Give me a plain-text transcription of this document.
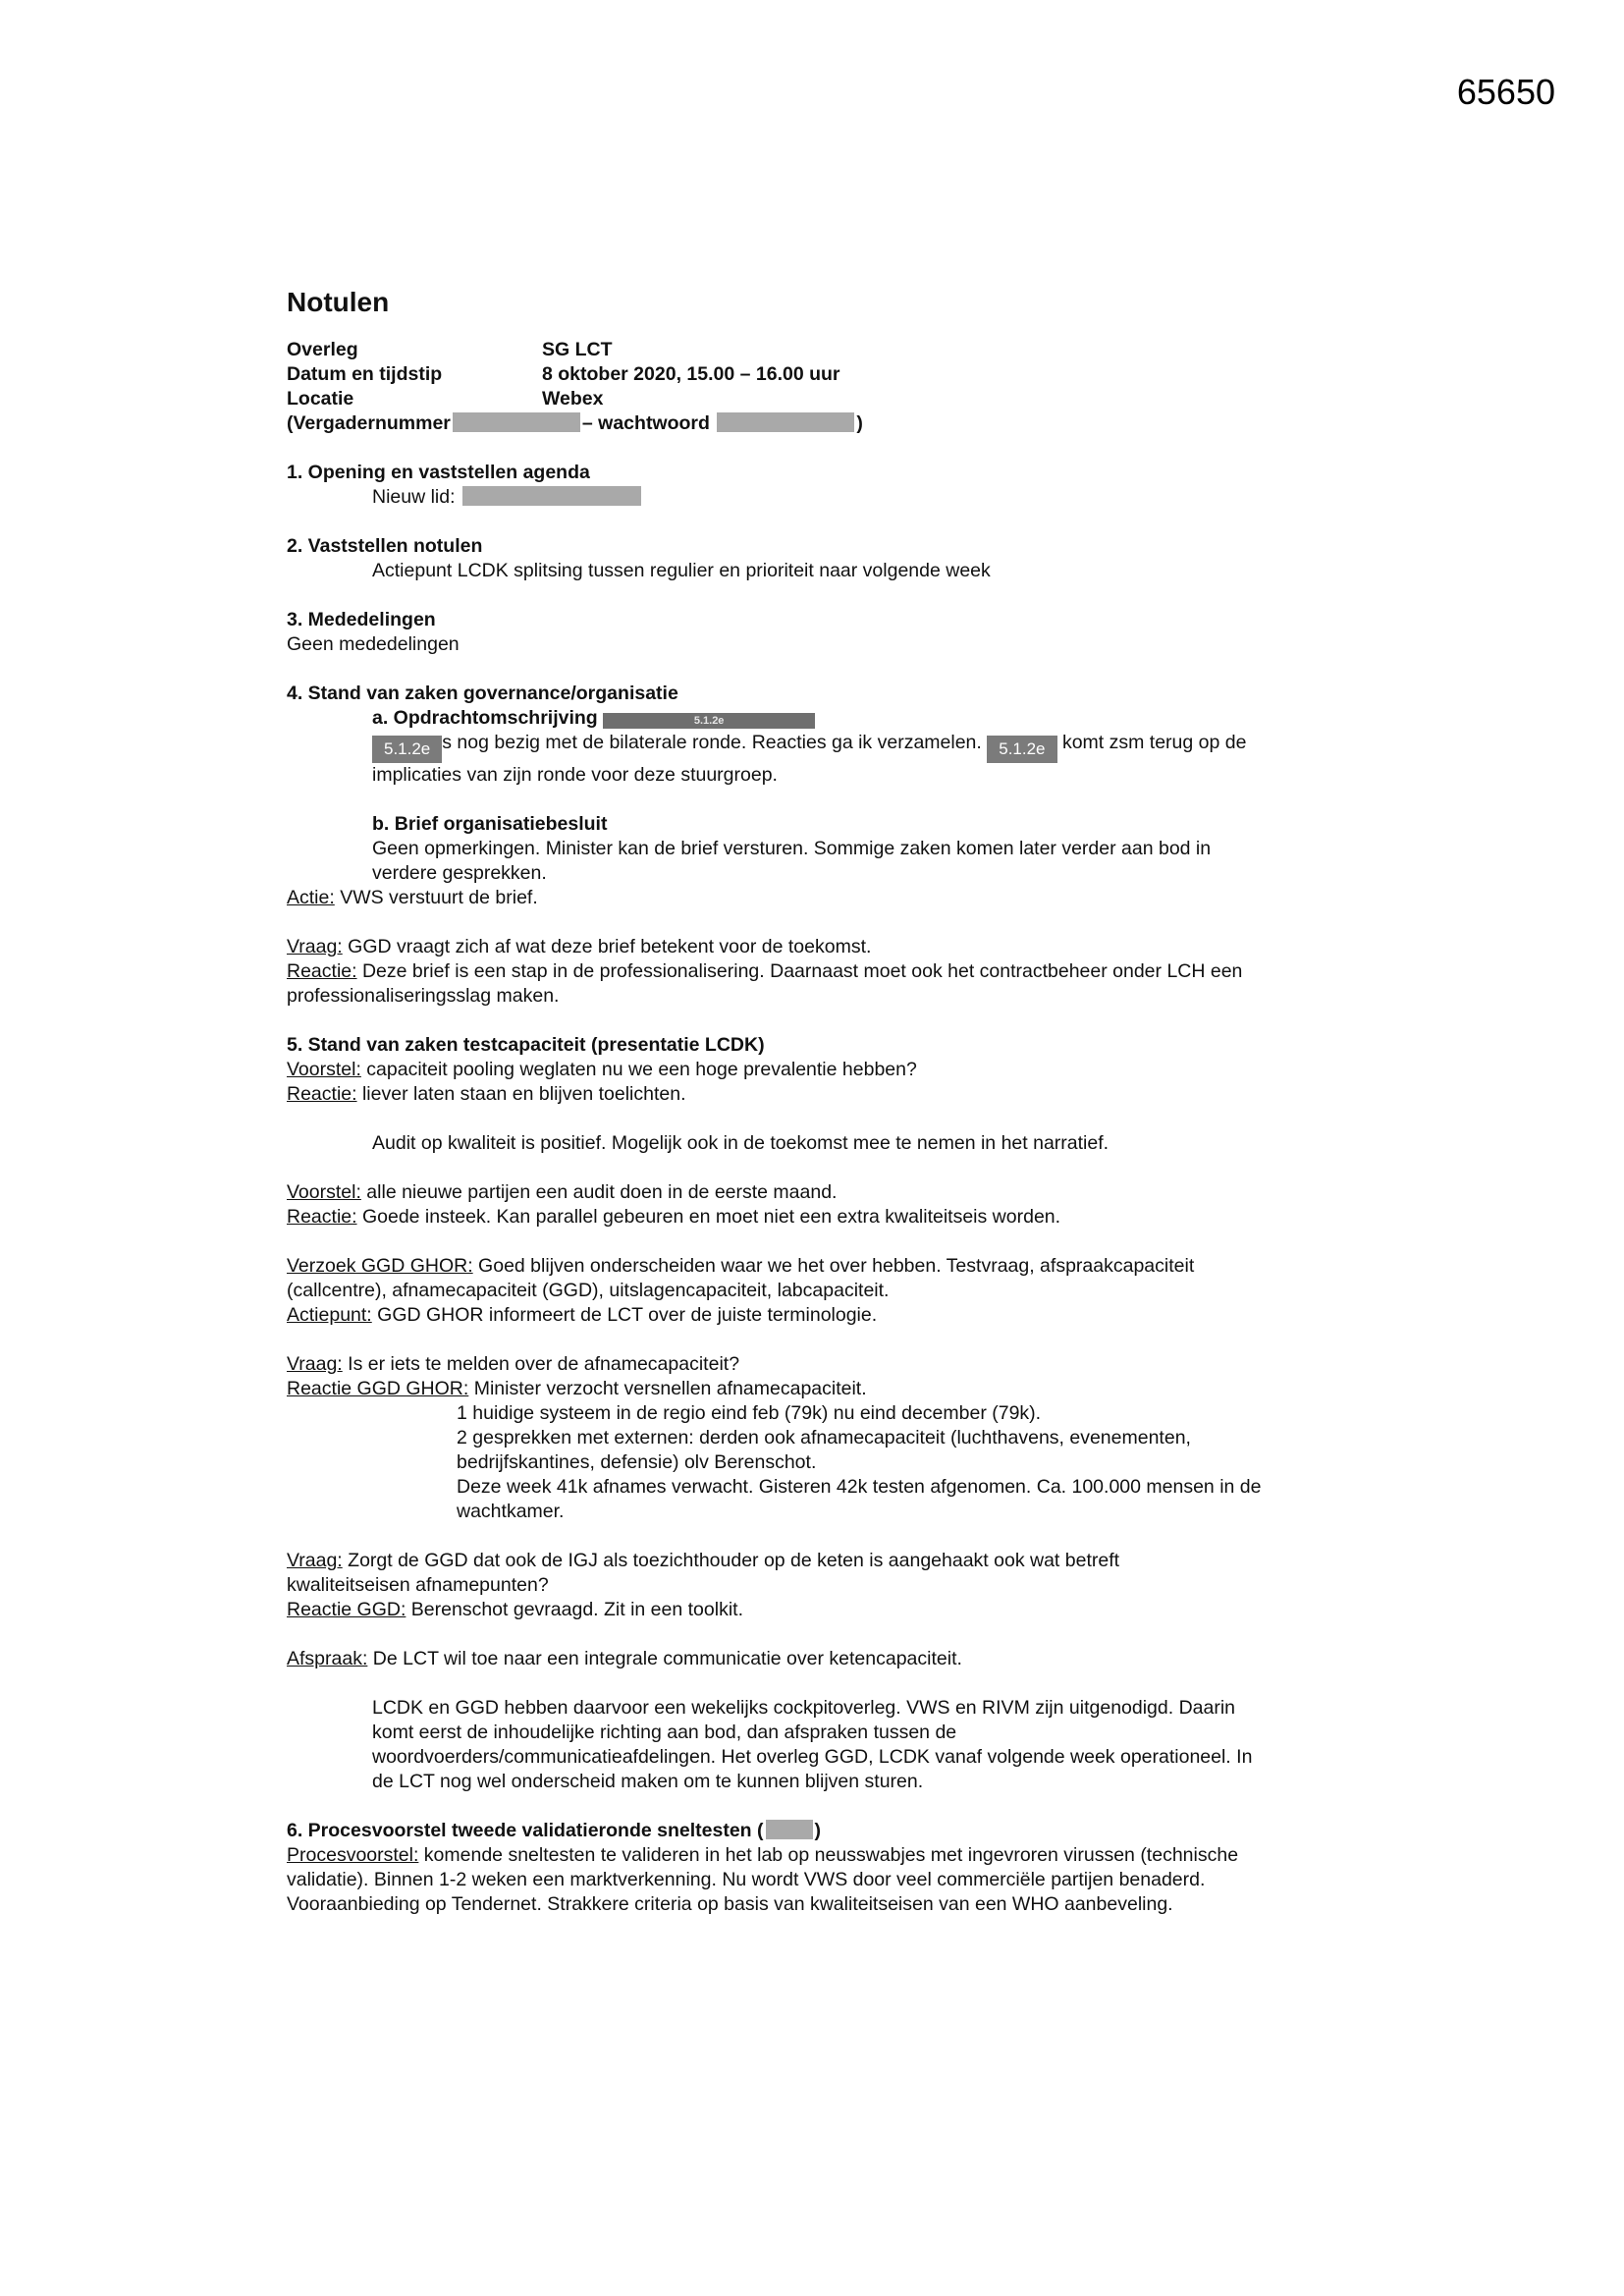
65650
Notulen
Overleg	SG LCT
Datum en tijdstip	8 oktober 2020, 15.00 – 16.00 uur
Locatie	Webex
(Vergadernummer	– wachtwoord	)

1. Opening en vaststellen agenda

Nieuw lid:

2. Vaststellen notulen

Actiepunt LCDK splitsing tussen regulier en prioriteit naar volgende week

3. Mededelingen

Geen mededelingen

4. Stand van zaken governance/organisatie

a. Opdrachtomschrijving	5.1.2e

5.1.2e s nog bezig met de bilaterale ronde. Reacties ga ik verzamelen. 5.1.2e komt zsm terug op de

implicaties van zijn ronde voor deze stuurgroep.

b. Brief organisatiebesluit

Geen opmerkingen. Minister kan de brief versturen. Sommige zaken komen later verder aan bod in

verdere gesprekken.

Actie: VWS verstuurt de brief.

Vraag: GGD vraagt zich af wat deze brief betekent voor de toekomst.

Reactie: Deze brief is een stap in de professionalisering. Daarnaast moet ook het contractbeheer onder LCH een

professionaliseringsslag maken.

5. Stand van zaken testcapaciteit (presentatie LCDK)

Voorstel: capaciteit pooling weglaten nu we een hoge prevalentie hebben?

Reactie: liever laten staan en blijven toelichten.

Audit op kwaliteit is positief. Mogelijk ook in de toekomst mee te nemen in het narratief.

Voorstel: alle nieuwe partijen een audit doen in de eerste maand.

Reactie: Goede insteek. Kan parallel gebeuren en moet niet een extra kwaliteitseis worden.

Verzoek GGD GHOR: Goed blijven onderscheiden waar we het over hebben. Testvraag, afspraakcapaciteit

(callcentre), afnamecapaciteit (GGD), uitslagencapaciteit, labcapaciteit.

Actiepunt: GGD GHOR informeert de LCT over de juiste terminologie.

Vraag: Is er iets te melden over de afnamecapaciteit?

Reactie GGD GHOR: Minister verzocht versnellen afnamecapaciteit.

1 huidige systeem in de regio eind feb (79k) nu eind december (79k).

2 gesprekken met externen: derden ook afnamecapaciteit (luchthavens, evenementen,

bedrijfskantines, defensie) olv Berenschot.

Deze week 41k afnames verwacht. Gisteren 42k testen afgenomen. Ca. 100.000 mensen in de

wachtkamer.

Vraag: Zorgt de GGD dat ook de IGJ als toezichthouder op de keten is aangehaakt ook wat betreft

kwaliteitseisen afnamepunten?

Reactie GGD: Berenschot gevraagd. Zit in een toolkit.

Afspraak: De LCT wil toe naar een integrale communicatie over ketencapaciteit.

LCDK en GGD hebben daarvoor een wekelijks cockpitoverleg. VWS en RIVM zijn uitgenodigd. Daarin

komt eerst de inhoudelijke richting aan bod, dan afspraken tussen de

woordvoerders/communicatieafdelingen. Het overleg GGD, LCDK vanaf volgende week operationeel. In

de LCT nog wel onderscheid maken om te kunnen blijven sturen.

6. Procesvoorstel tweede validatieronde sneltesten (	)

Procesvoorstel: komende sneltesten te valideren in het lab op neusswabjes met ingevroren virussen (technische

validatie). Binnen 1-2 weken een marktverkenning. Nu wordt VWS door veel commerciële partijen benaderd.

Vooraanbieding op Tendernet. Strakkere criteria op basis van kwaliteitseisen van een WHO aanbeveling.
